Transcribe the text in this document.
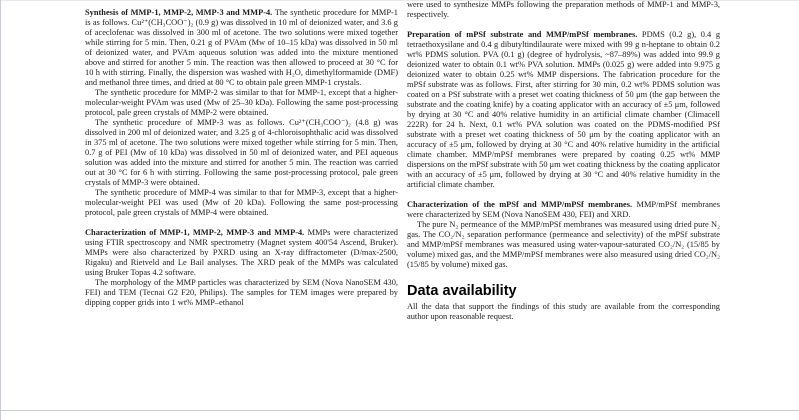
Synthesis of MMP-1, MMP-2, MMP-3 and MMP-4. The synthetic procedure for MMP-1 is as follows. Cu²⁺(CH₃COO⁻)₂ (0.9 g) was dissolved in 10 ml of deionized water, and 3.6 g of aceclofenac was dissolved in 300 ml of acetone. The two solutions were mixed together while stirring for 5 min. Then, 0.21 g of PVAm (Mw of 10–15 kDa) was dissolved in 50 ml of deionized water, and PVAm aqueous solution was added into the mixture mentioned above and stirred for another 5 min. The reaction was then allowed to proceed at 30 °C for 10 h with stirring. Finally, the dispersion was washed with H₂O, dimethylformamide (DMF) and methanol three times, and dried at 80 °C to obtain pale green MMP-1 crystals.

The synthetic procedure for MMP-2 was similar to that for MMP-1, except that a higher-molecular-weight PVAm was used (Mw of 25–30 kDa). Following the same post-processing protocol, pale green crystals of MMP-2 were obtained.

The synthetic procedure of MMP-3 was as follows. Cu²⁺(CH₃COO⁻)₂ (4.8 g) was dissolved in 200 ml of deionized water, and 3.25 g of 4-chloroisophthalic acid was dissolved in 375 ml of acetone. The two solutions were mixed together while stirring for 5 min. Then, 0.7 g of PEI (Mw of 10 kDa) was dissolved in 50 ml of deionized water, and PEI aqueous solution was added into the mixture and stirred for another 5 min. The reaction was carried out at 30 °C for 6 h with stirring. Following the same post-processing protocol, pale green crystals of MMP-3 were obtained.

The synthetic procedure of MMP-4 was similar to that for MMP-3, except that a higher-molecular-weight PEI was used (Mw of 20 kDa). Following the same post-processing protocol, pale green crystals of MMP-4 were obtained.

Characterization of MMP-1, MMP-2, MMP-3 and MMP-4. MMPs were characterized using FTIR spectroscopy and NMR spectrometry (Magnet system 400'54 Ascend, Bruker). MMPs were also characterized by PXRD using an X-ray diffractometer (D/max-2500, Rigaku) and Rietveld and Le Bail analyses. The XRD peak of the MMPs was calculated using Bruker Topas 4.2 software.

The morphology of the MMP particles was characterized by SEM (Nova NanoSEM 430, FEI) and TEM (Tecnai G2 F20, Philips). The samples for TEM images were prepared by dipping copper grids into 1 wt% MMP–ethanol

were used to synthesize MMPs following the preparation methods of MMP-1 and MMP-3, respectively.

Preparation of mPSf substrate and MMP/mPSf membranes. PDMS (0.2 g), 0.4 g tetraethoxysilane and 0.4 g dibutyltindilaurate were mixed with 99 g n-heptane to obtain 0.2 wt% PDMS solution. PVA (0.1 g) (degree of hydrolysis, ~87–89%) was added into 99.9 g deionized water to obtain 0.1 wt% PVA solution. MMPs (0.025 g) were added into 9.975 g deionized water to obtain 0.25 wt% MMP dispersions. The fabrication procedure for the mPSf substrate was as follows. First, after stirring for 30 min, 0.2 wt% PDMS solution was coated on a PSf substrate with a preset wet coating thickness of 50 μm (the gap between the substrate and the coating knife) by a coating applicator with an accuracy of ±5 μm, followed by drying at 30 °C and 40% relative humidity in an artificial climate chamber (Climacell 222R) for 24 h. Next, 0.1 wt% PVA solution was coated on the PDMS-modified PSf substrate with a preset wet coating thickness of 50 μm by the coating applicator with an accuracy of ±5 μm, followed by drying at 30 °C and 40% relative humidity in the artificial climate chamber. MMP/mPSf membranes were prepared by coating 0.25 wt% MMP dispersions on the mPSf substrate with 50 μm wet coating thickness by the coating applicator with an accuracy of ±5 μm, followed by drying at 30 °C and 40% relative humidity in the artificial climate chamber.

Characterization of the mPSf and MMP/mPSf membranes. MMP/mPSf membranes were characterized by SEM (Nova NanoSEM 430, FEI) and XRD.

The pure N₂ permeance of the MMP/mPSf membranes was measured using dried pure N₂ gas. The CO₂/N₂ separation performance (permeance and selectivity) of the mPSf substrate and MMP/mPSf membranes was measured using water-vapour-saturated CO₂/N₂ (15/85 by volume) mixed gas, and the MMP/mPSf membranes were also measured using dried CO₂/N₂ (15/85 by volume) mixed gas.

Data availability

All the data that support the findings of this study are available from the corresponding author upon reasonable request.
